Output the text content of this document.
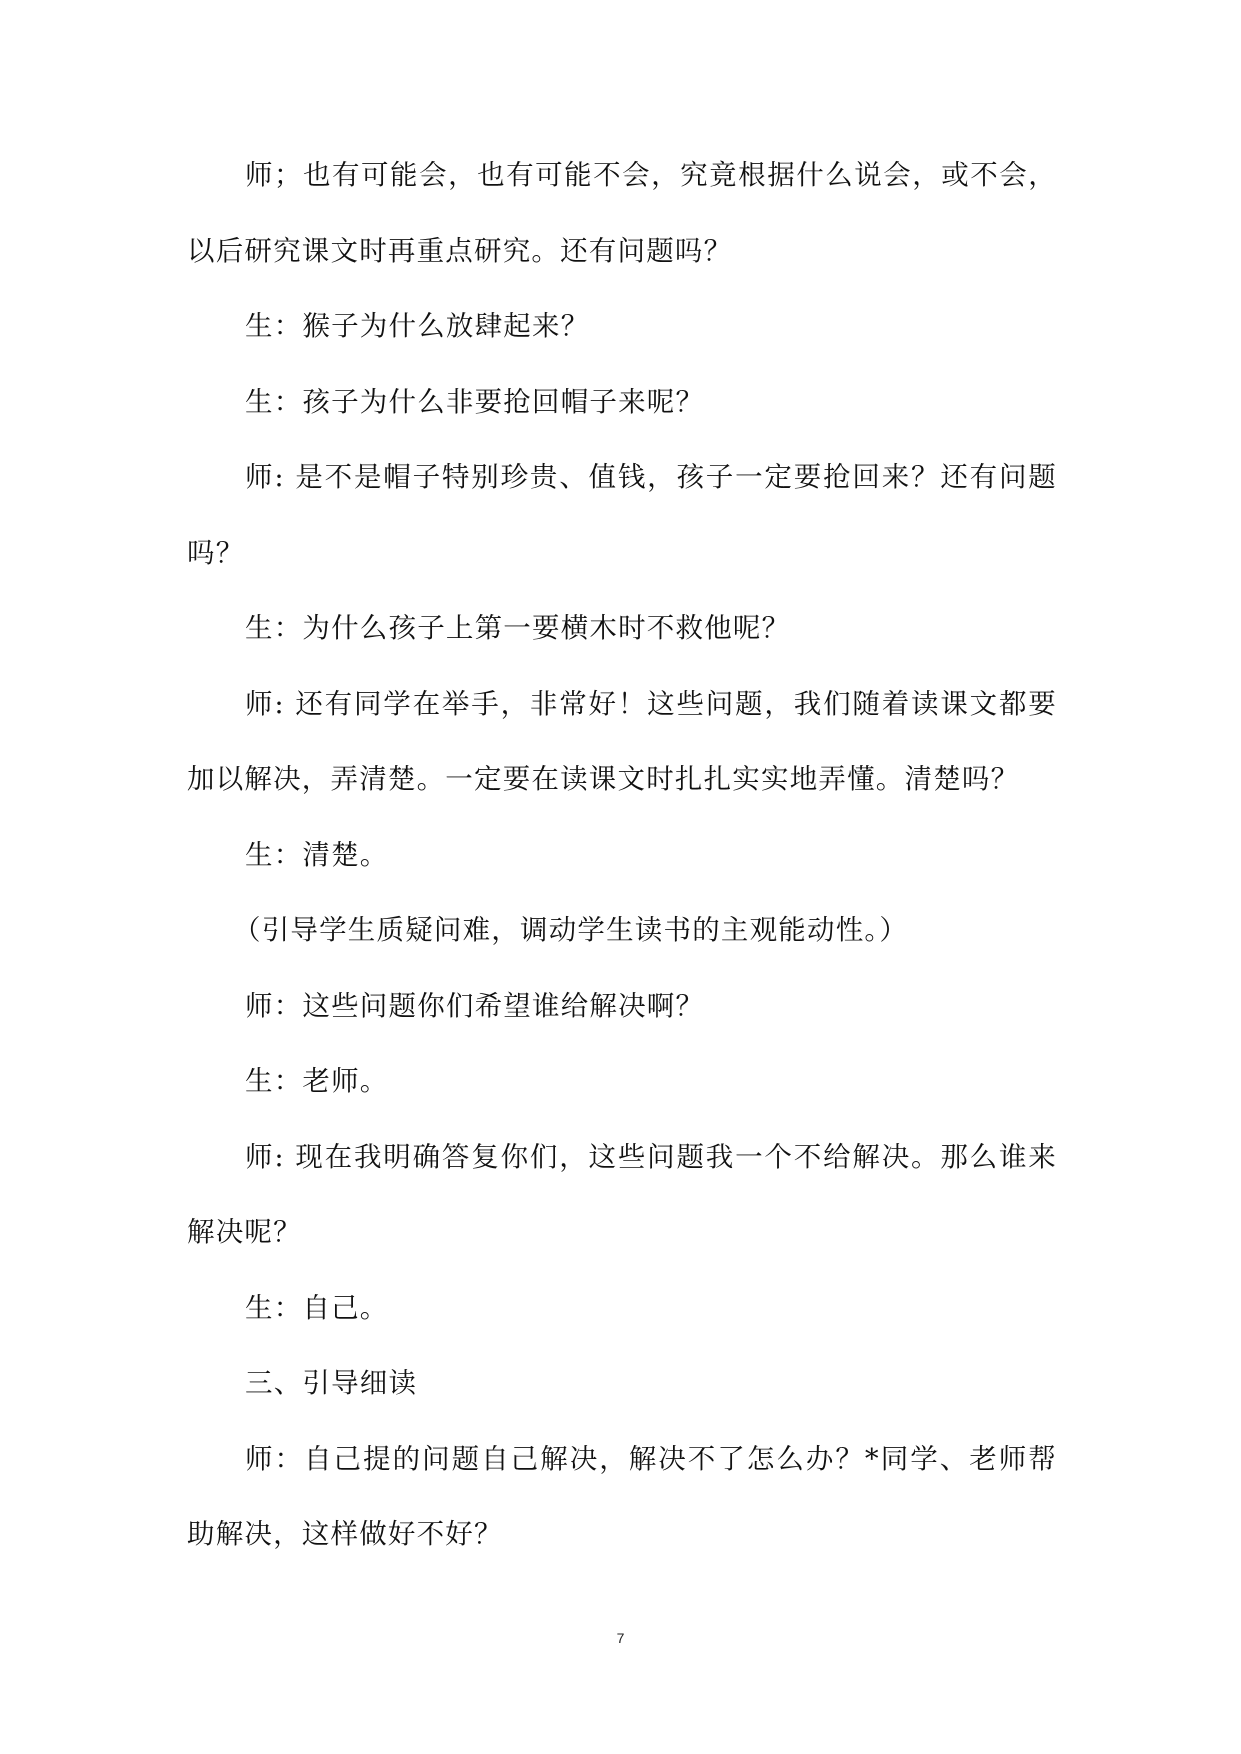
师；也有可能会，也有可能不会，究竟根据什么说会，或不会，以后研究课文时再重点研究。还有问题吗？

生：猴子为什么放肆起来？

生：孩子为什么非要抢回帽子来呢？

师: 是不是帽子特别珍贵、值钱，孩子一定要抢回来？还有问题吗？

生：为什么孩子上第一要横木时不救他呢？

师: 还有同学在举手，非常好！这些问题，我们随着读课文都要加以解决，弄清楚。一定要在读课文时扎扎实实地弄懂。清楚吗？

生：清楚。

（引导学生质疑问难，调动学生读书的主观能动性。）

师：这些问题你们希望谁给解决啊？

生：老师。

师: 现在我明确答复你们，这些问题我一个不给解决。那么谁来解决呢？

生：自己。

三、引导细读

师：自己提的问题自己解决，解决不了怎么办？*同学、老师帮助解决，这样做好不好？

7
